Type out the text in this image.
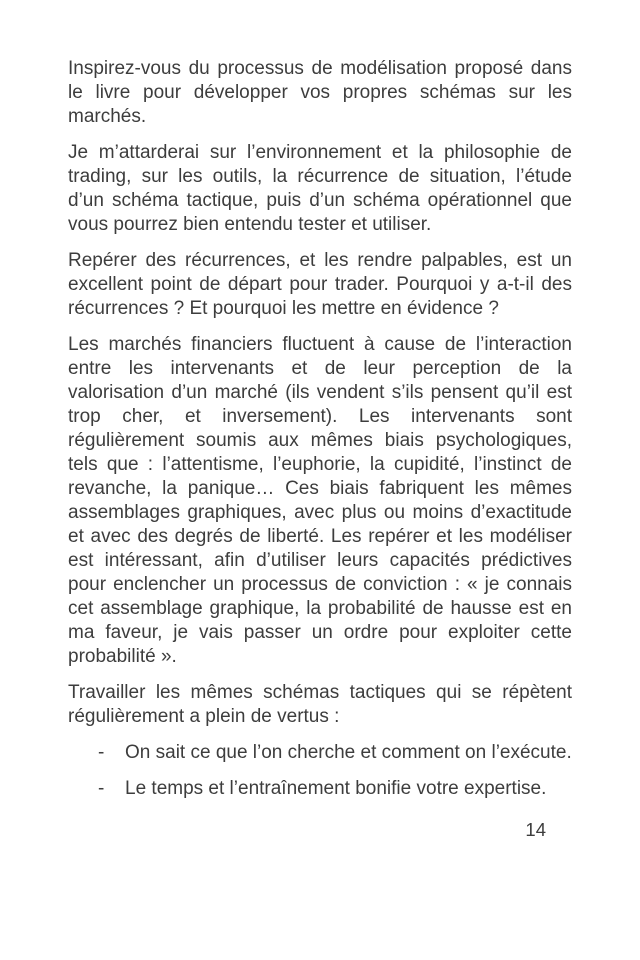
Inspirez-vous du processus de modélisation proposé dans le livre pour développer vos propres schémas sur les marchés.

Je m’attarderai sur l’environnement et la philosophie de trading, sur les outils, la récurrence de situation, l’étude d’un schéma tactique, puis d’un schéma opérationnel que vous pourrez bien entendu tester et utiliser.

Repérer des récurrences, et les rendre palpables, est un excellent point de départ pour trader. Pourquoi y a-t-il des récurrences ? Et pourquoi les mettre en évidence ?

Les marchés financiers fluctuent à cause de l’interaction entre les intervenants et de leur perception de la valorisation d’un marché (ils vendent s’ils pensent qu’il est trop cher, et inversement). Les intervenants sont régulièrement soumis aux mêmes biais psychologiques, tels que : l’attentisme, l’euphorie, la cupidité, l’instinct de revanche, la panique… Ces biais fabriquent les mêmes assemblages graphiques, avec plus ou moins d’exactitude et avec des degrés de liberté. Les repérer et les modéliser est intéressant, afin d’utiliser leurs capacités prédictives pour enclencher un processus de conviction : « je connais cet assemblage graphique, la probabilité de hausse est en ma faveur, je vais passer un ordre pour exploiter cette probabilité ».

Travailler les mêmes schémas tactiques qui se répètent régulièrement a plein de vertus :

-	On sait ce que l’on cherche et comment on l’exécute.
-	Le temps et l’entraînement bonifie votre expertise.
14
